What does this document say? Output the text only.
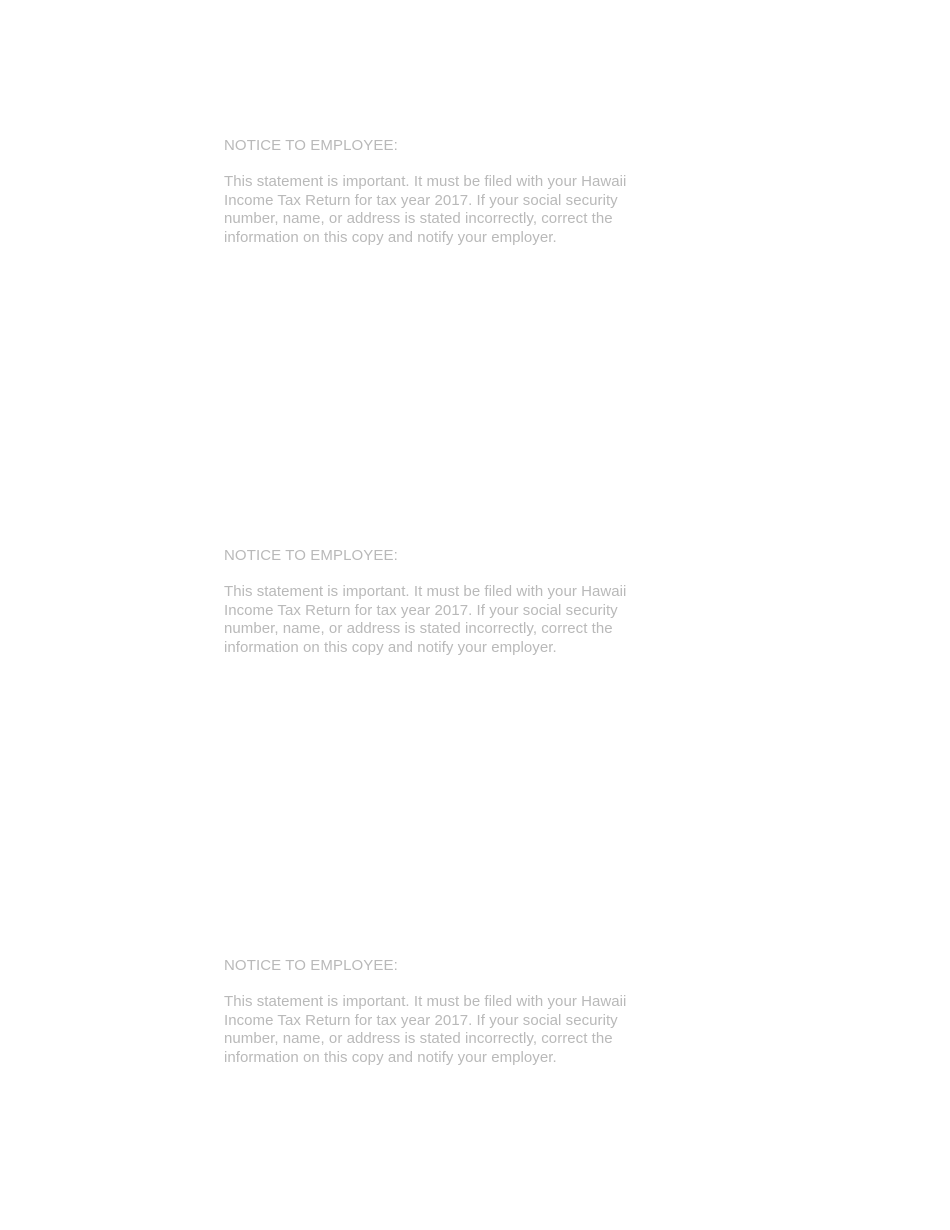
NOTICE TO EMPLOYEE:
This statement is important. It must be filed with your Hawaii
Income Tax Return for tax year 2017. If your social security
number, name, or address is stated incorrectly, correct the
information on this copy and notify your employer.
NOTICE TO EMPLOYEE:
This statement is important. It must be filed with your Hawaii
Income Tax Return for tax year 2017. If your social security
number, name, or address is stated incorrectly, correct the
information on this copy and notify your employer.
NOTICE TO EMPLOYEE:
This statement is important. It must be filed with your Hawaii
Income Tax Return for tax year 2017. If your social security
number, name, or address is stated incorrectly, correct the
information on this copy and notify your employer.
